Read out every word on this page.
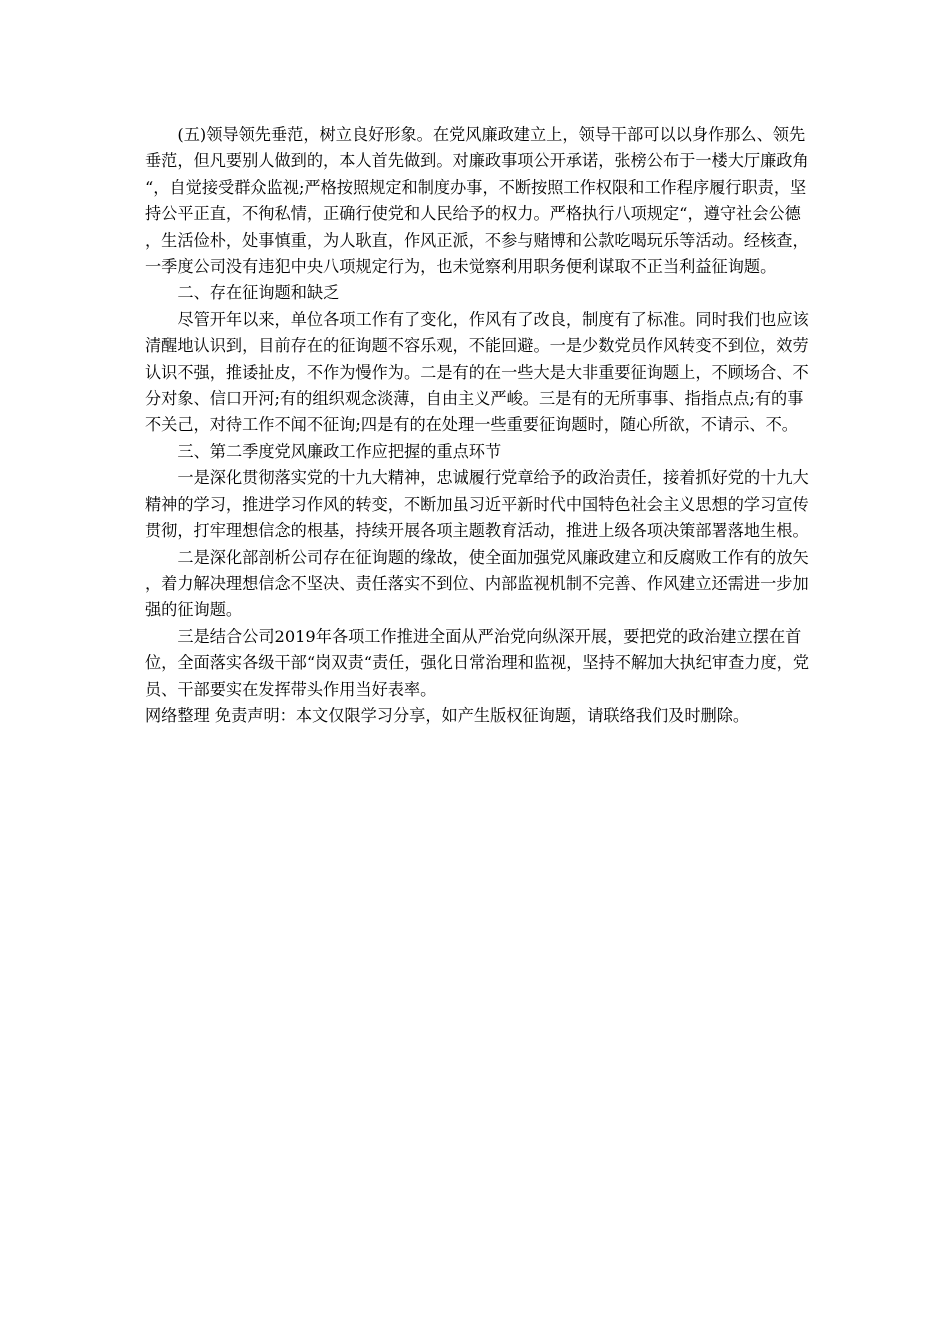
(五)领导领先垂范，树立良好形象。在党风廉政建立上，领导干部可以以身作那么、领先垂范，但凡要别人做到的，本人首先做到。对廉政事项公开承诺，张榜公布于一楼大厅廉政角“，自觉接受群众监视;严格按照规定和制度办事，不断按照工作权限和工作程序履行职责，坚持公平正直，不徇私情，正确行使党和人民给予的权力。严格执行八项规定“，遵守社会公德，生活俭朴，处事慎重，为人耿直，作风正派，不参与赌博和公款吃喝玩乐等活动。经核查，一季度公司没有违犯中央八项规定行为，也未觉察利用职务便利谋取不正当利益征询题。

二、存在征询题和缺乏

尽管开年以来，单位各项工作有了变化，作风有了改良，制度有了标准。同时我们也应该清醒地认识到，目前存在的征询题不容乐观，不能回避。一是少数党员作风转变不到位，效劳认识不强，推诿扯皮，不作为慢作为。二是有的在一些大是大非重要征询题上，不顾场合、不分对象、信口开河;有的组织观念淡薄，自由主义严峻。三是有的无所事事、指指点点;有的事不关己，对待工作不闻不征询;四是有的在处理一些重要征询题时，随心所欲，不请示、不。

三、第二季度党风廉政工作应把握的重点环节

一是深化贯彻落实党的十九大精神，忠诚履行党章给予的政治责任，接着抓好党的十九大精神的学习，推进学习作风的转变，不断加虽习近平新时代中国特色社会主义思想的学习宣传贯彻，打牢理想信念的根基，持续开展各项主题教育活动，推进上级各项决策部署落地生根。

二是深化部剖析公司存在征询题的缘故，使全面加强党风廉政建立和反腐败工作有的放矢，着力解决理想信念不坚决、责任落实不到位、内部监视机制不完善、作风建立还需进一步加强的征询题。

三是结合公司2019年各项工作推进全面从严治党向纵深开展，要把党的政治建立摆在首位，全面落实各级干部“岗双责“责任，强化日常治理和监视，坚持不解加大执纪审查力度，党员、干部要实在发挥带头作用当好表率。

网络整理 免责声明：本文仅限学习分享，如产生版权征询题，请联络我们及时删除。
